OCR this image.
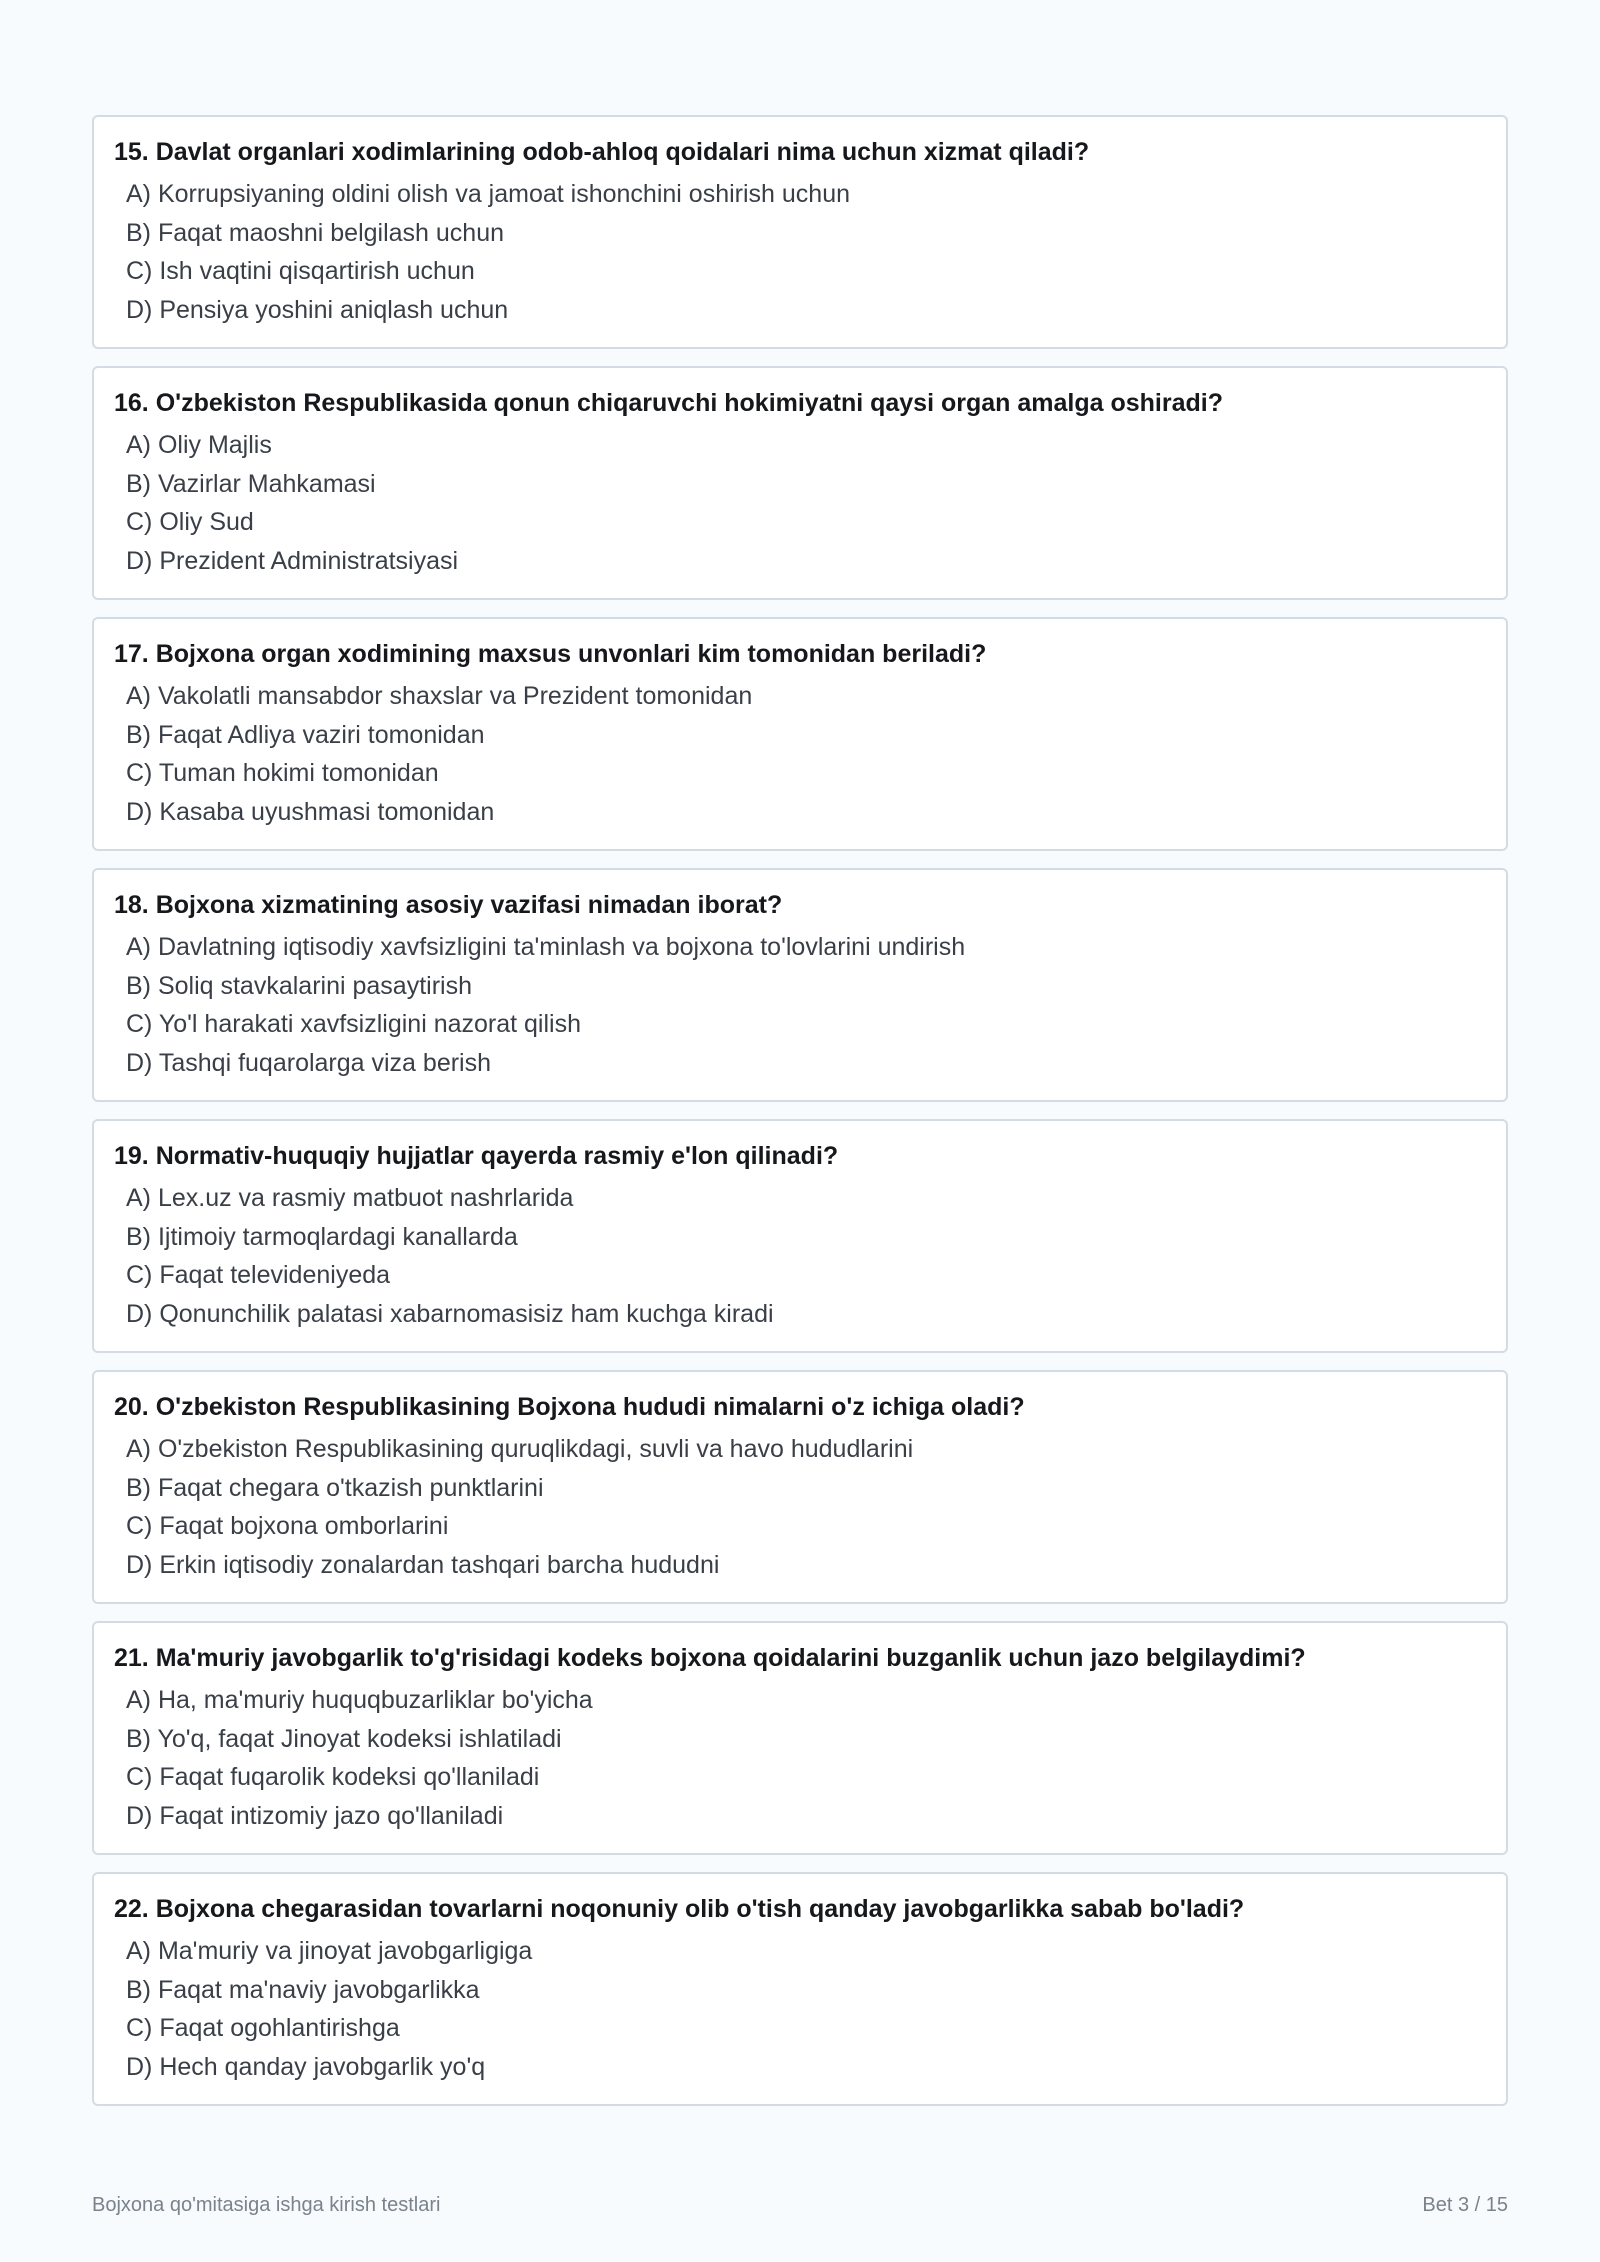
15. Davlat organlari xodimlarining odob-ahloq qoidalari nima uchun xizmat qiladi?
A) Korrupsiyaning oldini olish va jamoat ishonchini oshirish uchun
B) Faqat maoshni belgilash uchun
C) Ish vaqtini qisqartirish uchun
D) Pensiya yoshini aniqlash uchun
16. O'zbekiston Respublikasida qonun chiqaruvchi hokimiyatni qaysi organ amalga oshiradi?
A) Oliy Majlis
B) Vazirlar Mahkamasi
C) Oliy Sud
D) Prezident Administratsiyasi
17. Bojxona organ xodimining maxsus unvonlari kim tomonidan beriladi?
A) Vakolatli mansabdor shaxslar va Prezident tomonidan
B) Faqat Adliya vaziri tomonidan
C) Tuman hokimi tomonidan
D) Kasaba uyushmasi tomonidan
18. Bojxona xizmatining asosiy vazifasi nimadan iborat?
A) Davlatning iqtisodiy xavfsizligini ta'minlash va bojxona to'lovlarini undirish
B) Soliq stavkalarini pasaytirish
C) Yo'l harakati xavfsizligini nazorat qilish
D) Tashqi fuqarolarga viza berish
19. Normativ-huquqiy hujjatlar qayerda rasmiy e'lon qilinadi?
A) Lex.uz va rasmiy matbuot nashrlarida
B) Ijtimoiy tarmoqlardagi kanallarda
C) Faqat televideniyeda
D) Qonunchilik palatasi xabarnomasisiz ham kuchga kiradi
20. O'zbekiston Respublikasining Bojxona hududi nimalarni o'z ichiga oladi?
A) O'zbekiston Respublikasining quruqlikdagi, suvli va havo hududlarini
B) Faqat chegara o'tkazish punktlarini
C) Faqat bojxona omborlarini
D) Erkin iqtisodiy zonalardan tashqari barcha hududni
21. Ma'muriy javobgarlik to'g'risidagi kodeks bojxona qoidalarini buzganlik uchun jazo belgilaydimi?
A) Ha, ma'muriy huquqbuzarliklar bo'yicha
B) Yo'q, faqat Jinoyat kodeksi ishlatiladi
C) Faqat fuqarolik kodeksi qo'llaniladi
D) Faqat intizomiy jazo qo'llaniladi
22. Bojxona chegarasidan tovarlarni noqonuniy olib o'tish qanday javobgarlikka sabab bo'ladi?
A) Ma'muriy va jinoyat javobgarligiga
B) Faqat ma'naviy javobgarlikka
C) Faqat ogohlantirishga
D) Hech qanday javobgarlik yo'q
Bojxona qo'mitasiga ishga kirish testlari	Bet 3 / 15
